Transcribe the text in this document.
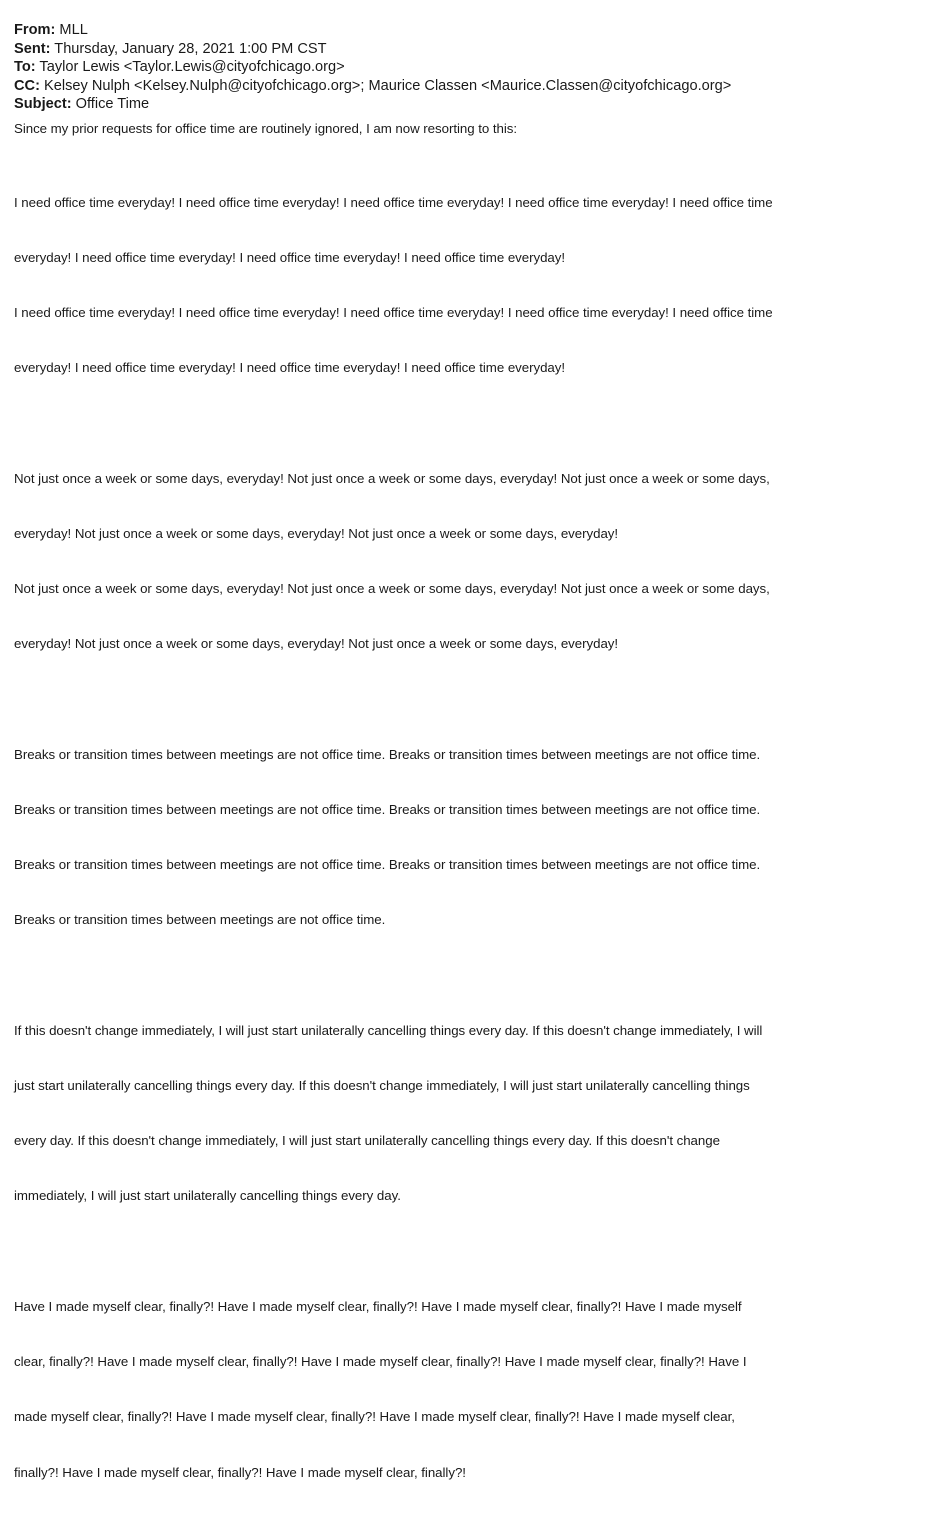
From: MLL
Sent: Thursday, January 28, 2021 1:00 PM CST
To: Taylor Lewis <Taylor.Lewis@cityofchicago.org>
CC: Kelsey Nulph <Kelsey.Nulph@cityofchicago.org>; Maurice Classen <Maurice.Classen@cityofchicago.org>
Subject: Office Time
Since my prior requests for office time are routinely ignored, I am now resorting to this:

I need office time everyday! I need office time everyday! I need office time everyday! I need office time everyday! I need office time

everyday! I need office time everyday! I need office time everyday! I need office time everyday!

I need office time everyday! I need office time everyday! I need office time everyday! I need office time everyday! I need office time

everyday! I need office time everyday! I need office time everyday! I need office time everyday!

Not just once a week or some days, everyday! Not just once a week or some days, everyday! Not just once a week or some days,

everyday! Not just once a week or some days, everyday! Not just once a week or some days, everyday!

Not just once a week or some days, everyday! Not just once a week or some days, everyday! Not just once a week or some days,

everyday! Not just once a week or some days, everyday! Not just once a week or some days, everyday!

Breaks or transition times between meetings are not office time. Breaks or transition times between meetings are not office time.

Breaks or transition times between meetings are not office time. Breaks or transition times between meetings are not office time.

Breaks or transition times between meetings are not office time. Breaks or transition times between meetings are not office time.

Breaks or transition times between meetings are not office time.

If this doesn't change immediately, I will just start unilaterally cancelling things every day. If this doesn't change immediately, I will

just start unilaterally cancelling things every day. If this doesn't change immediately, I will just start unilaterally cancelling things

every day. If this doesn't change immediately, I will just start unilaterally cancelling things every day. If this doesn't change

immediately, I will just start unilaterally cancelling things every day.

Have I made myself clear, finally?! Have I made myself clear, finally?! Have I made myself clear, finally?! Have I made myself

clear, finally?! Have I made myself clear, finally?! Have I made myself clear, finally?! Have I made myself clear, finally?! Have I

made myself clear, finally?! Have I made myself clear, finally?! Have I made myself clear, finally?! Have I made myself clear,

finally?! Have I made myself clear, finally?! Have I made myself clear, finally?!
